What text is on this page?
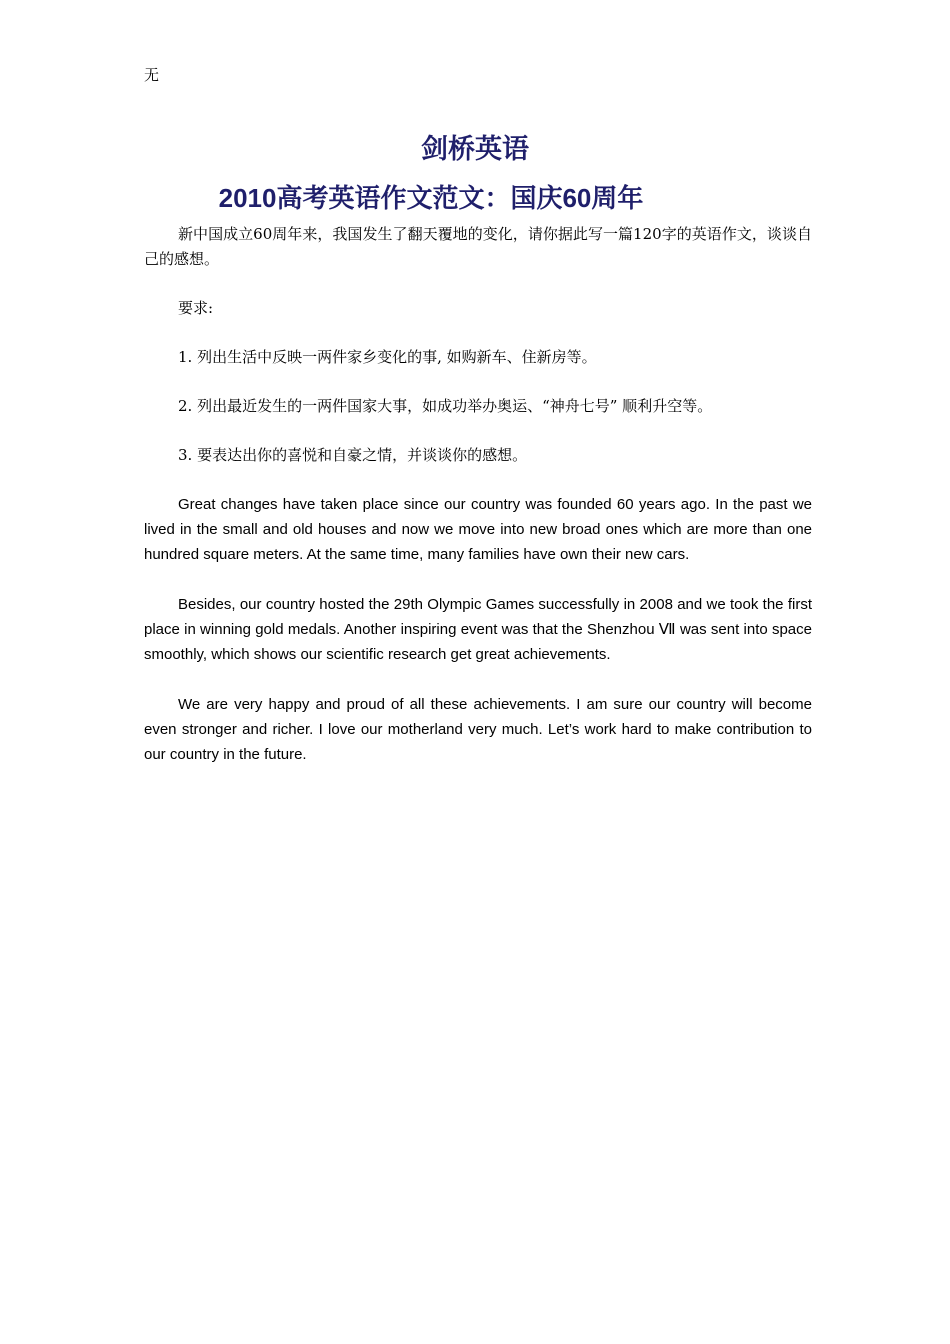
无
剑桥英语
2010高考英语作文范文：国庆60周年

新中国成立60周年来，我国发生了翻天覆地的变化，请你据此写一篇120字的英语作文，谈谈自己的感想。

要求:

1. 列出生活中反映一两件家乡变化的事, 如购新车、住新房等。

2. 列出最近发生的一两件国家大事，如成功举办奥运、“神舟七号” 顺利升空等。

3. 要表达出你的喜悦和自豪之情，并谈谈你的感想。

Great changes have taken place since our country was founded 60 years ago. In the past we lived in the small and old houses and now we move into new broad ones which are more than one hundred square meters. At the same time, many families have own their new cars.

Besides, our country hosted the 29th Olympic Games successfully in 2008 and we took the first place in winning gold medals. Another inspiring event was that the Shenzhou Ⅶ was sent into space smoothly, which shows our scientific research get great achievements.

We are very happy and proud of all these achievements. I am sure our country will become even stronger and richer. I love our motherland very much. Let’s work hard to make contribution to our country in the future.
